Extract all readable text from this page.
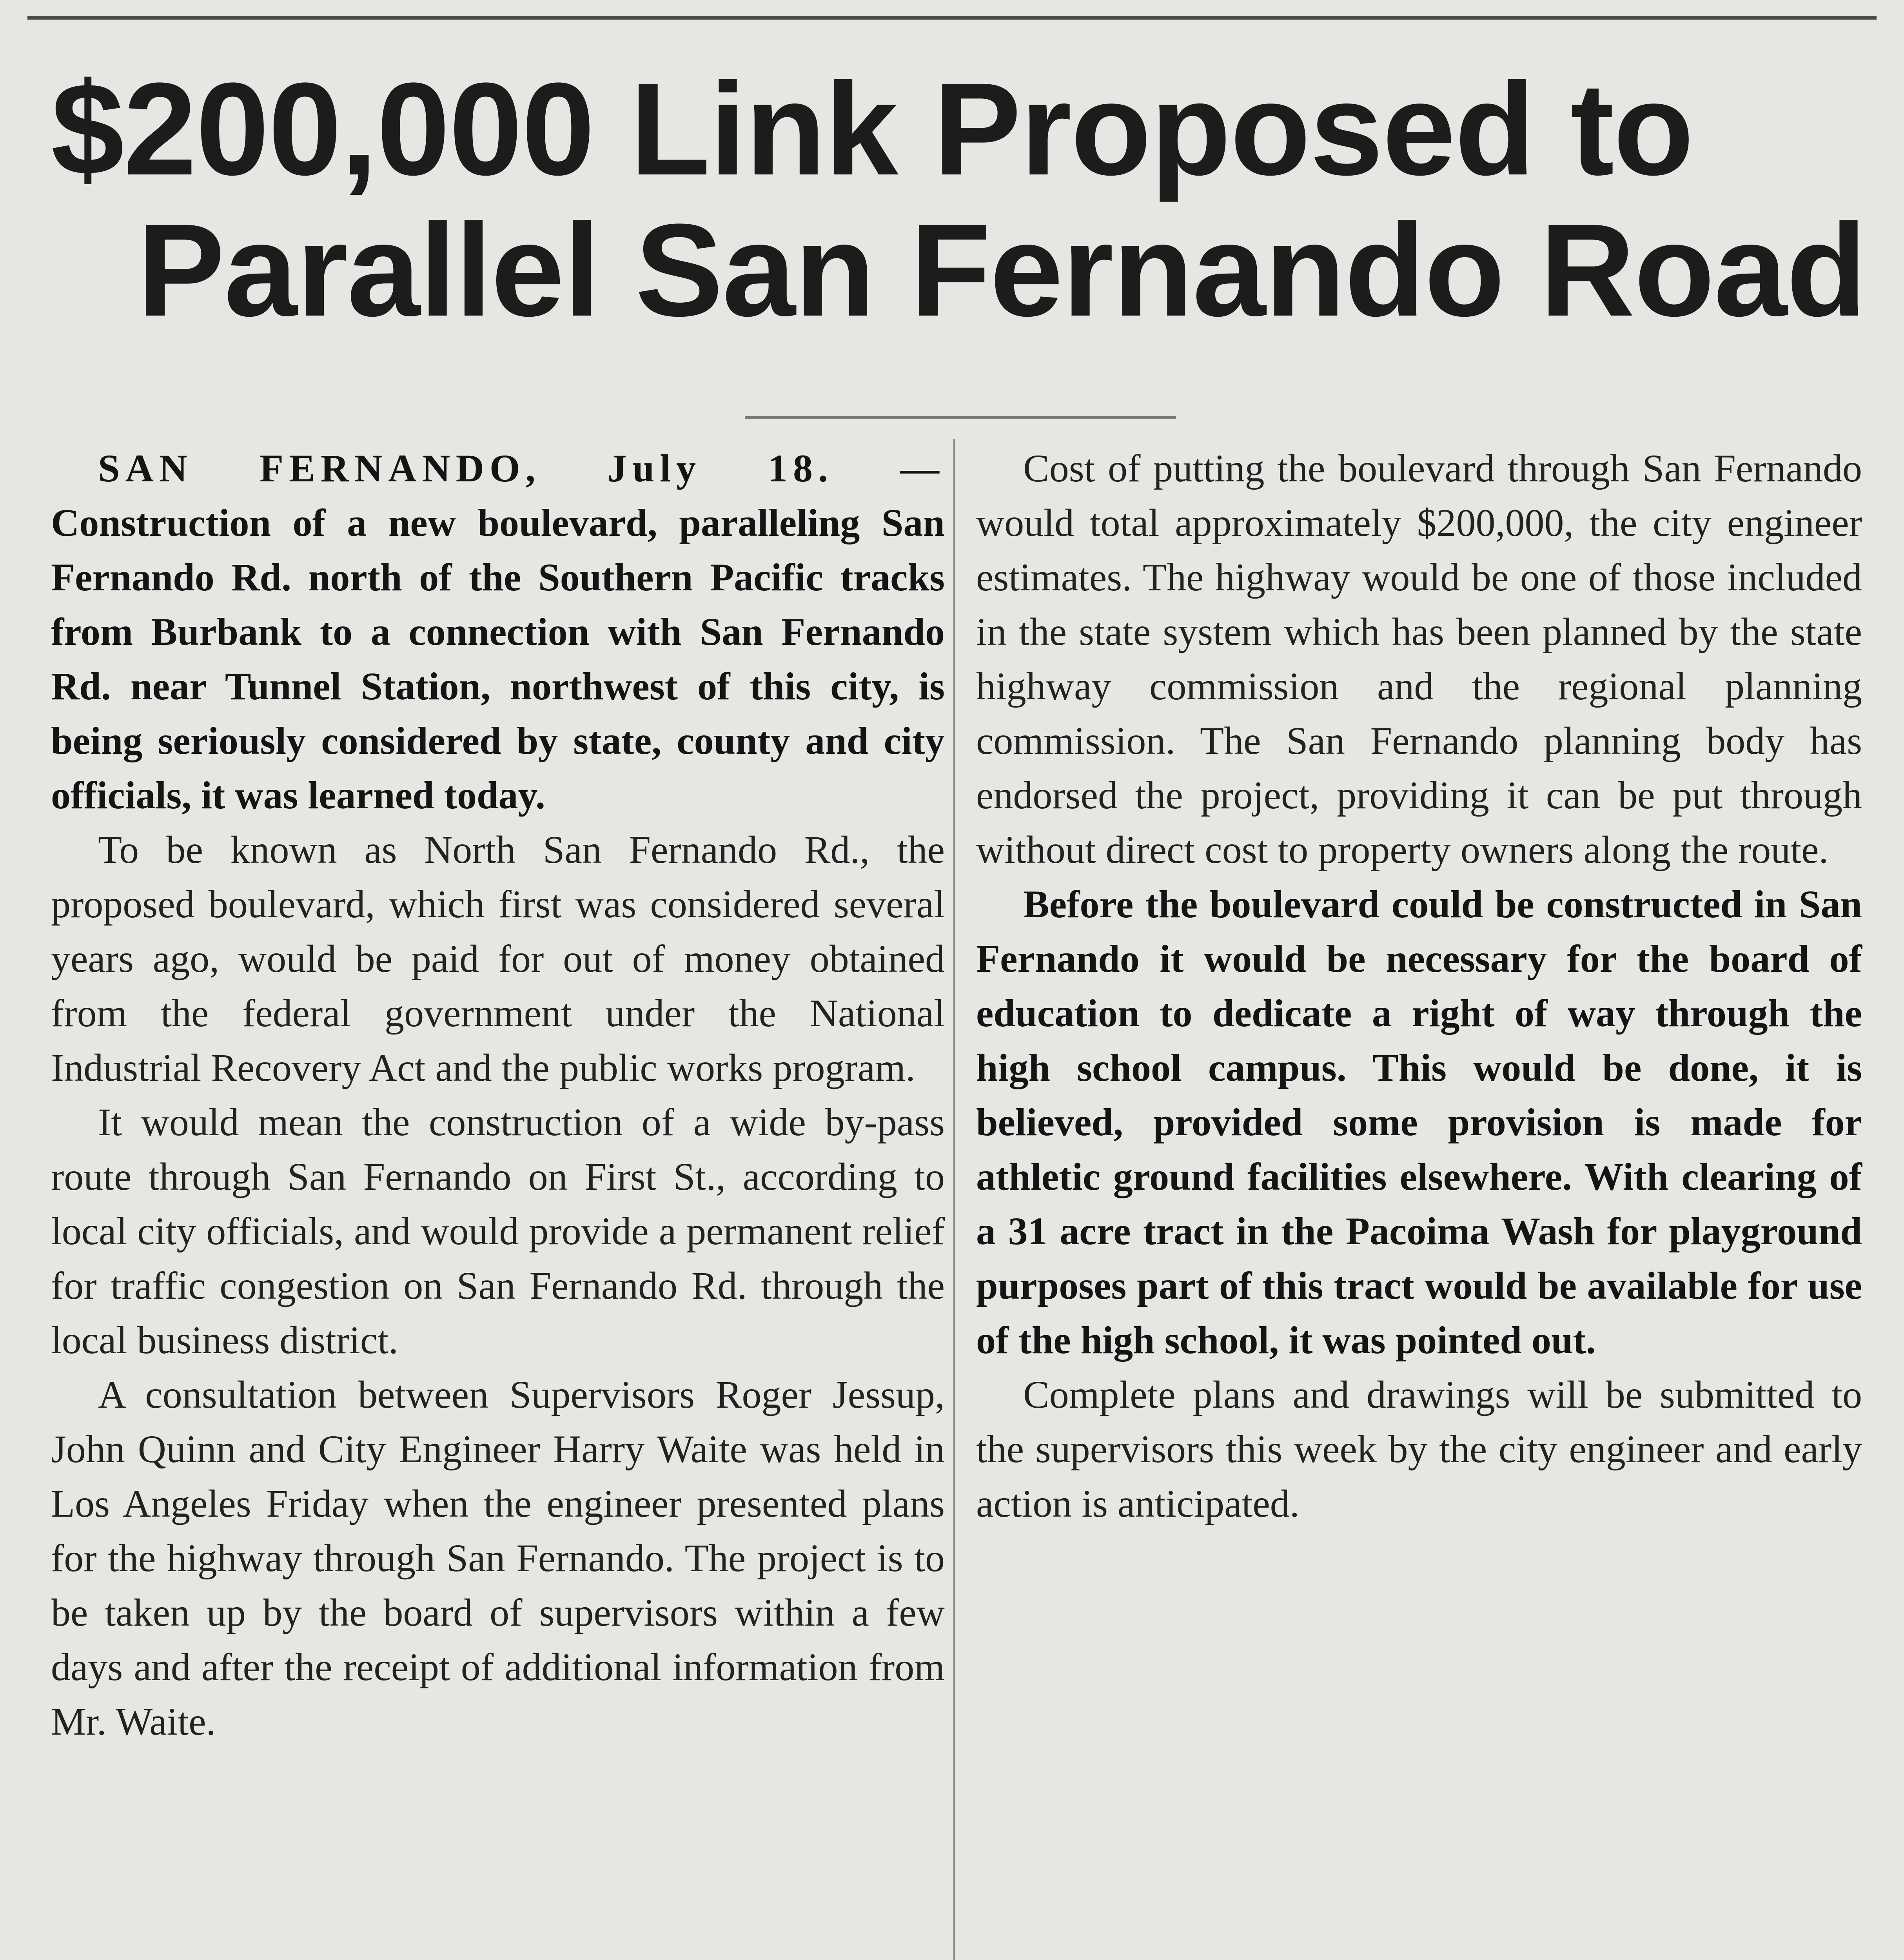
$200,000 Link Proposed to
Parallel San Fernando Road

SAN FERNANDO, July 18. — Construction of a new boulevard, paralleling San Fernando Rd. north of the Southern Pacific tracks from Burbank to a connection with San Fernando Rd. near Tunnel Station, northwest of this city, is being seriously considered by state, county and city officials, it was learned today.

To be known as North San Fernando Rd., the proposed boulevard, which first was considered several years ago, would be paid for out of money obtained from the federal government under the National Industrial Recovery Act and the public works program.

It would mean the construction of a wide by-pass route through San Fernando on First St., according to local city officials, and would provide a permanent relief for traffic congestion on San Fernando Rd. through the local business district.

A consultation between Supervisors Roger Jessup, John Quinn and City Engineer Harry Waite was held in Los Angeles Friday when the engineer presented plans for the highway through San Fernando. The project is to be taken up by the board of supervisors within a few days and after the receipt of additional information from Mr. Waite.

Cost of putting the boulevard through San Fernando would total approximately $200,000, the city engineer estimates. The highway would be one of those included in the state system which has been planned by the state highway commission and the regional planning commission. The San Fernando planning body has endorsed the project, providing it can be put through without direct cost to property owners along the route.

Before the boulevard could be constructed in San Fernando it would be necessary for the board of education to dedicate a right of way through the high school campus. This would be done, it is believed, provided some provision is made for athletic ground facilities elsewhere. With clearing of a 31 acre tract in the Pacoima Wash for playground purposes part of this tract would be available for use of the high school, it was pointed out.

Complete plans and drawings will be submitted to the supervisors this week by the city engineer and early action is anticipated.
